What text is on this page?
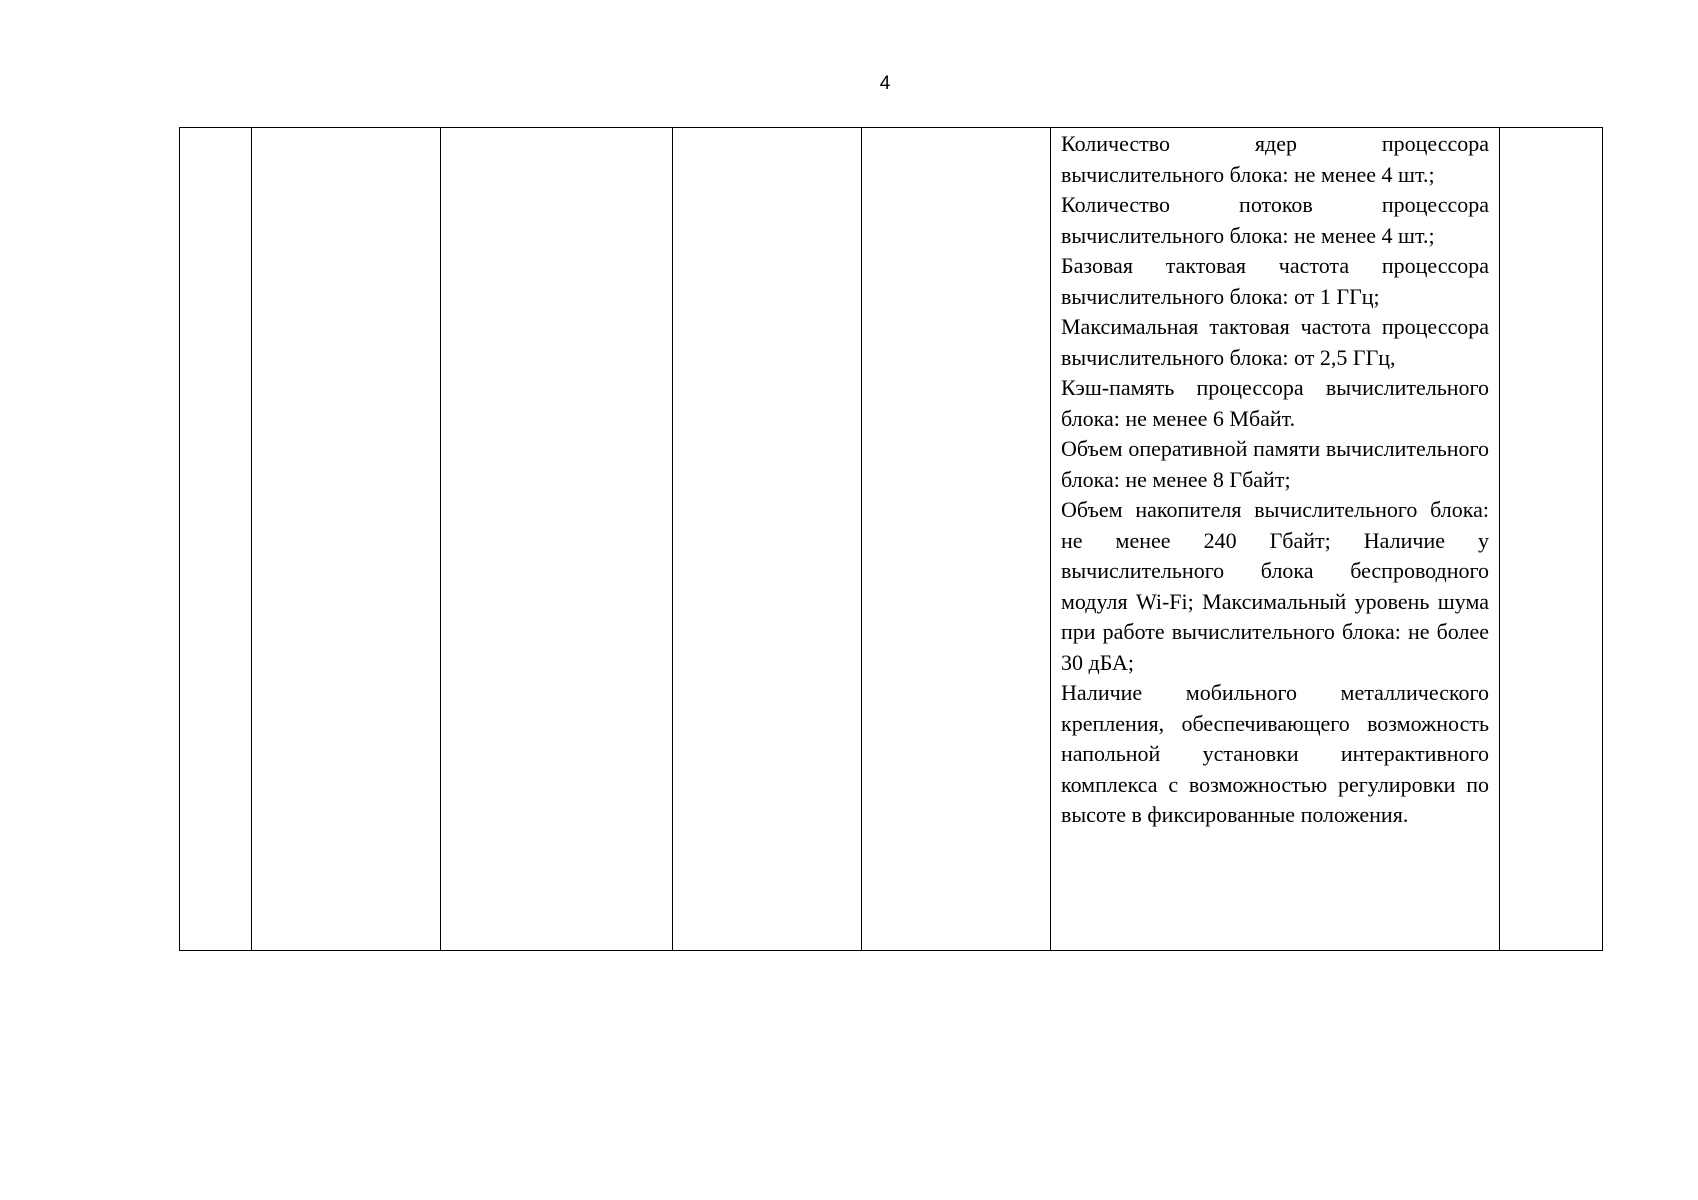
4

Количество ядер процессора вычислительного блока: не менее 4 шт.;

Количество потоков процессора вычислительного блока: не менее 4 шт.;

Базовая тактовая частота процессора вычислительного блока: от 1 ГГц;

Максимальная тактовая частота процессора вычислительного блока: от 2,5 ГГц,

Кэш-память процессора вычислительного блока: не менее 6 Мбайт.

Объем оперативной памяти вычислительного блока: не менее 8 Гбайт;

Объем накопителя вычислительного блока: не менее 240 Гбайт; Наличие у вычислительного блока беспроводного модуля Wi-Fi; Максимальный уровень шума при работе вычислительного блока: не более 30 дБА;

Наличие мобильного металлического крепления, обеспечивающего возможность напольной установки интерактивного комплекса с возможностью регулировки по высоте в фиксированные положения.
